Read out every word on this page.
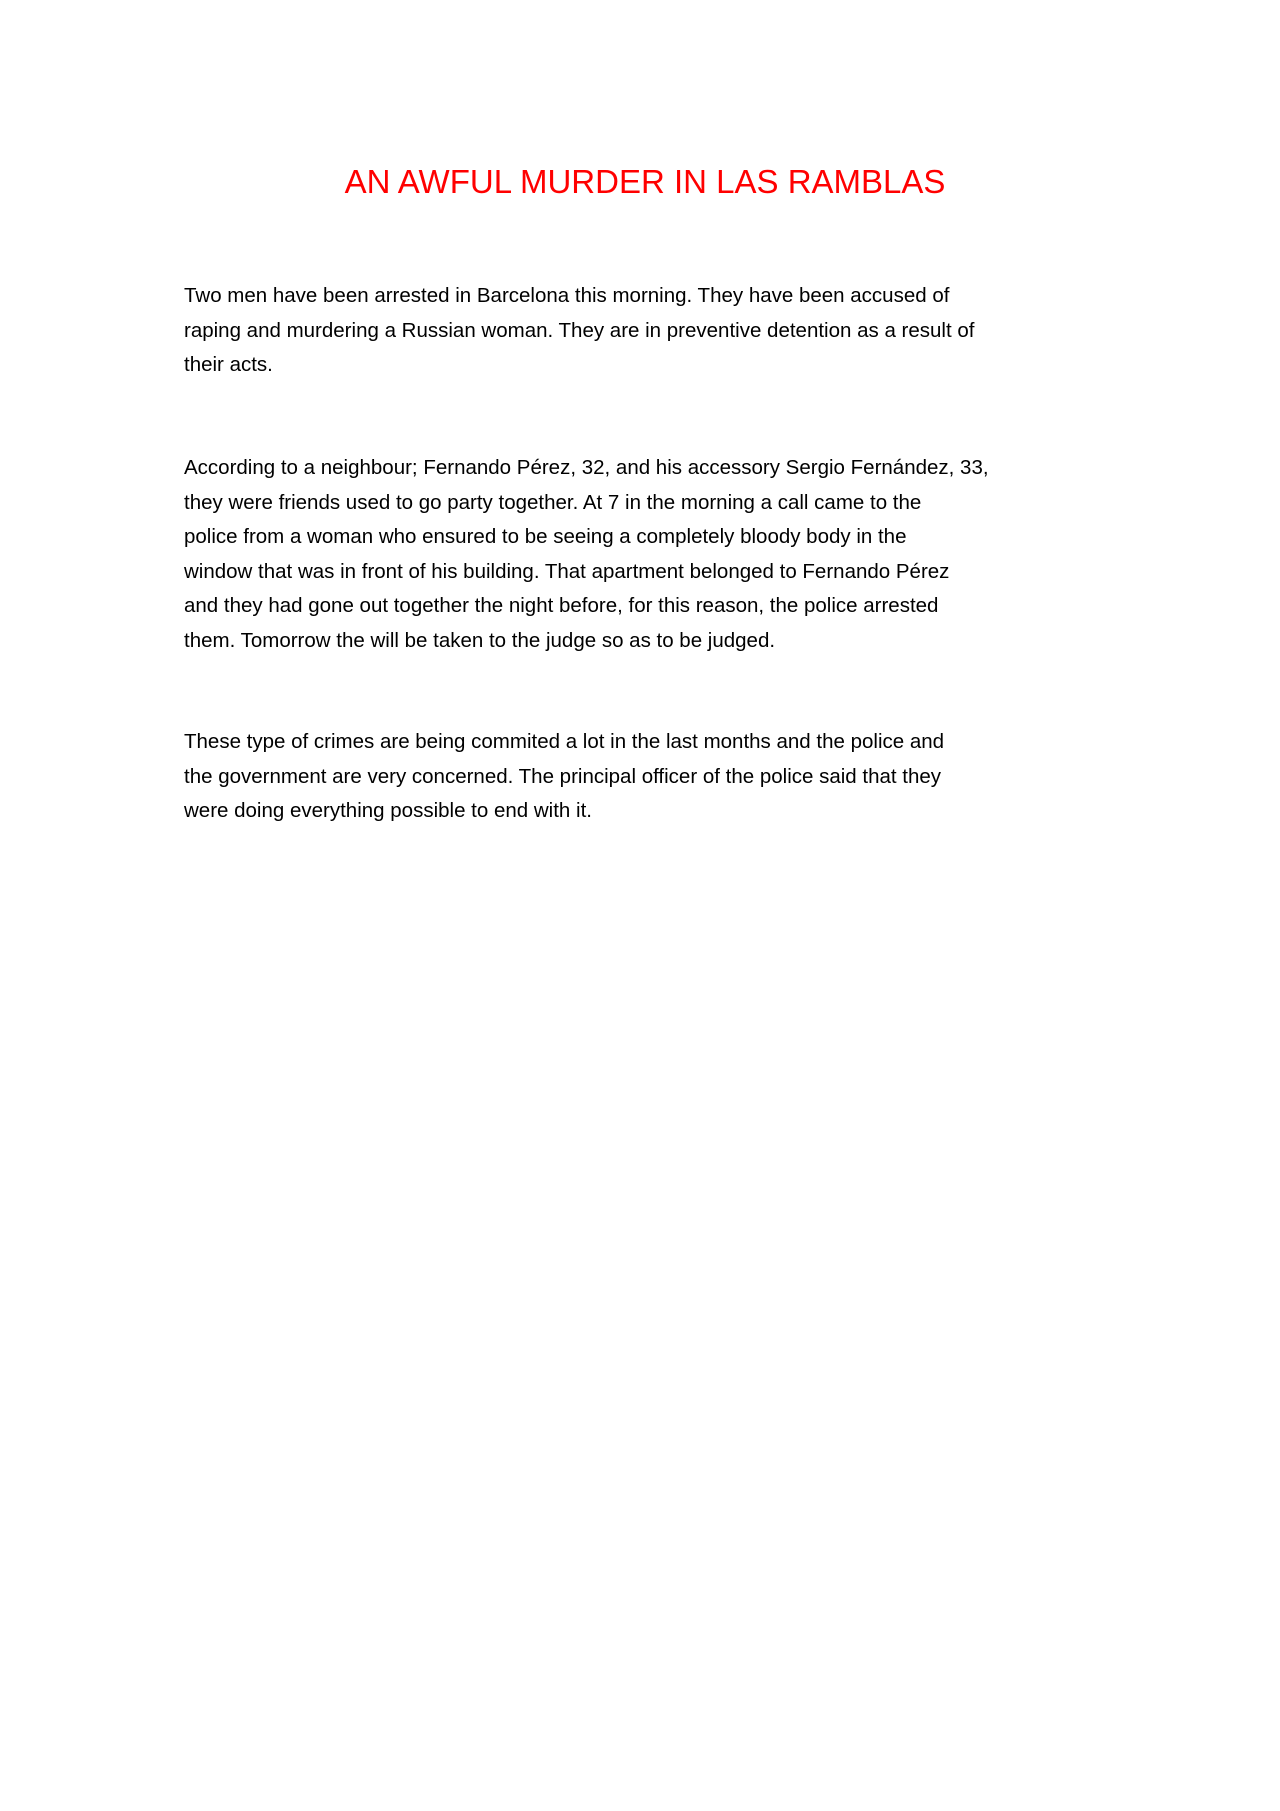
AN AWFUL MURDER IN LAS RAMBLAS
Two men have been arrested in Barcelona this morning. They have been accused of
raping and murdering a Russian woman. They are in preventive detention as a result of
their acts.
According to a neighbour; Fernando Pérez, 32, and his accessory Sergio Fernández, 33,
they were friends used to go party together. At 7 in the morning a call came to the
police from a woman who ensured to be seeing a completely bloody body in the
window that was in front of his building. That apartment belonged to Fernando Pérez
and they had gone out together the night before, for this reason, the police arrested
them. Tomorrow the will be taken to the judge so as to be judged.
These type of crimes are being commited a lot in the last months and the police and
the government are very concerned. The principal officer of the police said that they
were doing everything possible to end with it.
